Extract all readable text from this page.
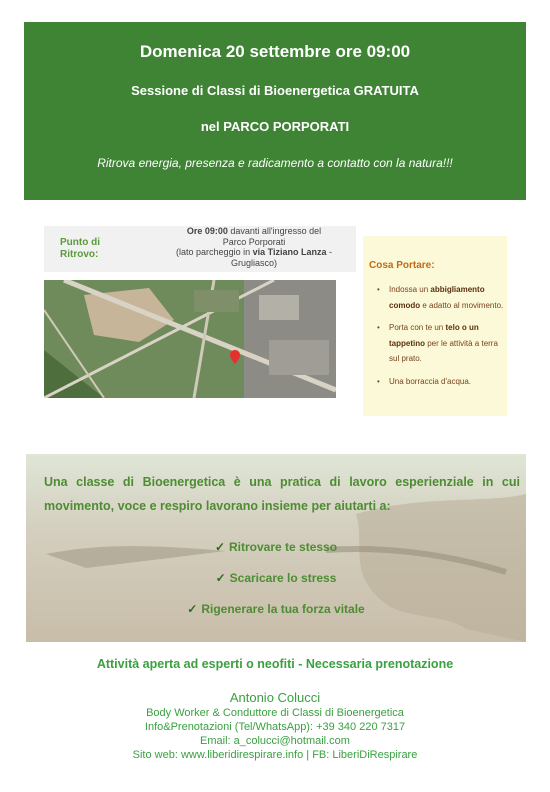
Domenica 20 settembre ore 09:00
Sessione di Classi di Bioenergetica GRATUITA
nel PARCO PORPORATI
Ritrova energia, presenza e radicamento a contatto con la natura!!!
Punto di
Ritrovo:
Ore 09:00 davanti all'ingresso del
Parco Porporati
(lato parcheggio in via Tiziano Lanza -
Grugliasco)	Cosa Portare:
• Indossa un abbigliamento comodo e adatto al movimento.
• Porta con te un telo o un tappetino per le attività a terra sul prato.
• Una borraccia d'acqua.
Una classe di Bioenergetica è una pratica di lavoro esperienziale in cui movimento, voce e respiro lavorano insieme per aiutarti a:
✓ Ritrovare te stesso
✓ Scaricare lo stress
✓ Rigenerare la tua forza vitale
Attività aperta ad esperti o neofiti - Necessaria prenotazione
Antonio Colucci
Body Worker & Conduttore di Classi di Bioenergetica
Info&Prenotazioni (Tel/WhatsApp): +39 340 220 7317
Email: a_colucci@hotmail.com
Sito web: www.liberidirespirare.info | FB: LiberiDiRespirare
